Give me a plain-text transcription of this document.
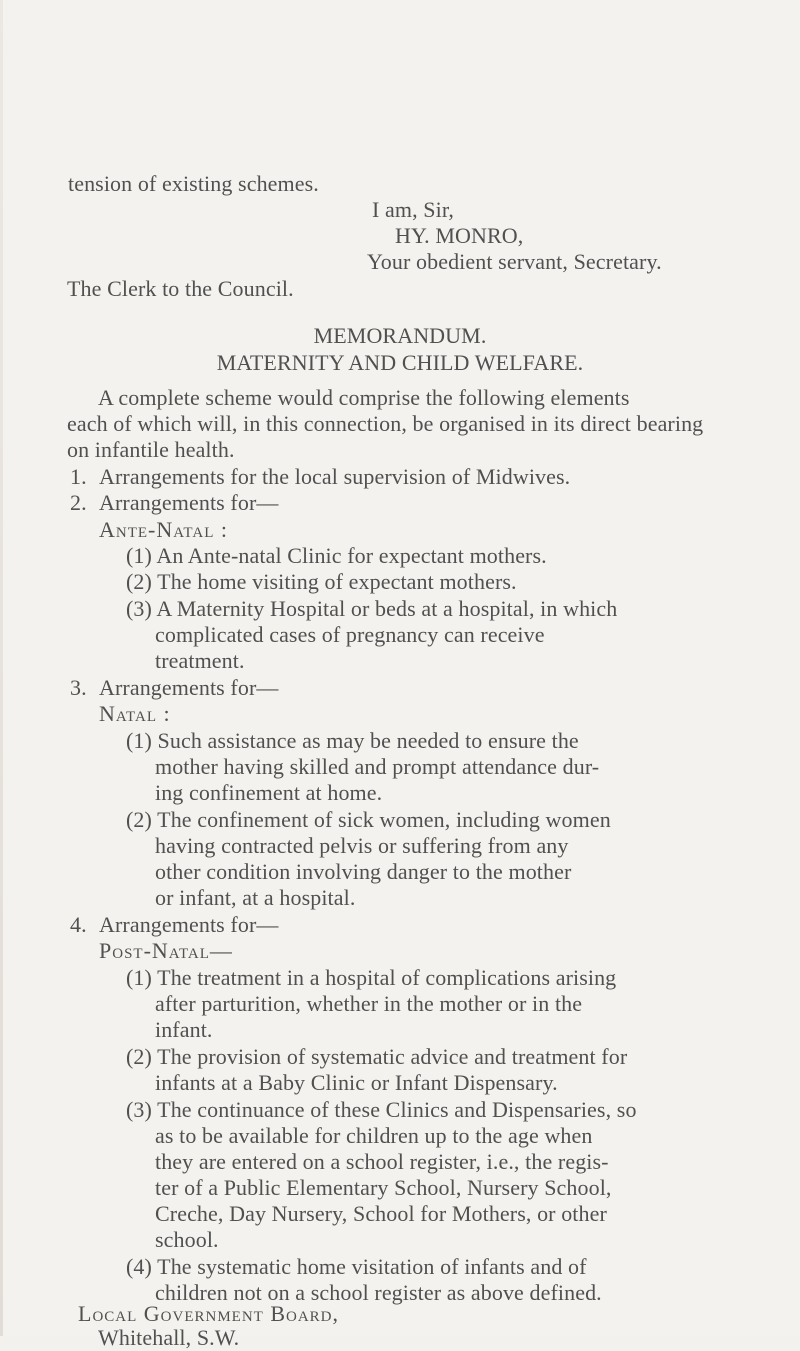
tension of existing schemes.
I am, Sir,
HY. MONRO,
Your obedient servant, Secretary.
The Clerk to the Council.
MEMORANDUM.
MATERNITY AND CHILD WELFARE.
A complete scheme would comprise the following elements
each of which will, in this connection, be organised in its direct bearing
on infantile health.
1. Arrangements for the local supervision of Midwives.
2. Arrangements for—
Ante-Natal :
(1) An Ante-natal Clinic for expectant mothers.
(2) The home visiting of expectant mothers.
(3) A Maternity Hospital or beds at a hospital, in which
complicated cases of pregnancy can receive
treatment.
3. Arrangements for—
Natal :
(1) Such assistance as may be needed to ensure the
mother having skilled and prompt attendance dur-
ing confinement at home.
(2) The confinement of sick women, including women
having contracted pelvis or suffering from any
other condition involving danger to the mother
or infant, at a hospital.
4. Arrangements for—
Post-Natal—
(1) The treatment in a hospital of complications arising
after parturition, whether in the mother or in the
infant.
(2) The provision of systematic advice and treatment for
infants at a Baby Clinic or Infant Dispensary.
(3) The continuance of these Clinics and Dispensaries, so
as to be available for children up to the age when
they are entered on a school register, i.e., the regis-
ter of a Public Elementary School, Nursery School,
Creche, Day Nursery, School for Mothers, or other
school.
(4) The systematic home visitation of infants and of
children not on a school register as above defined.
Local Government Board,
Whitehall, S.W.
